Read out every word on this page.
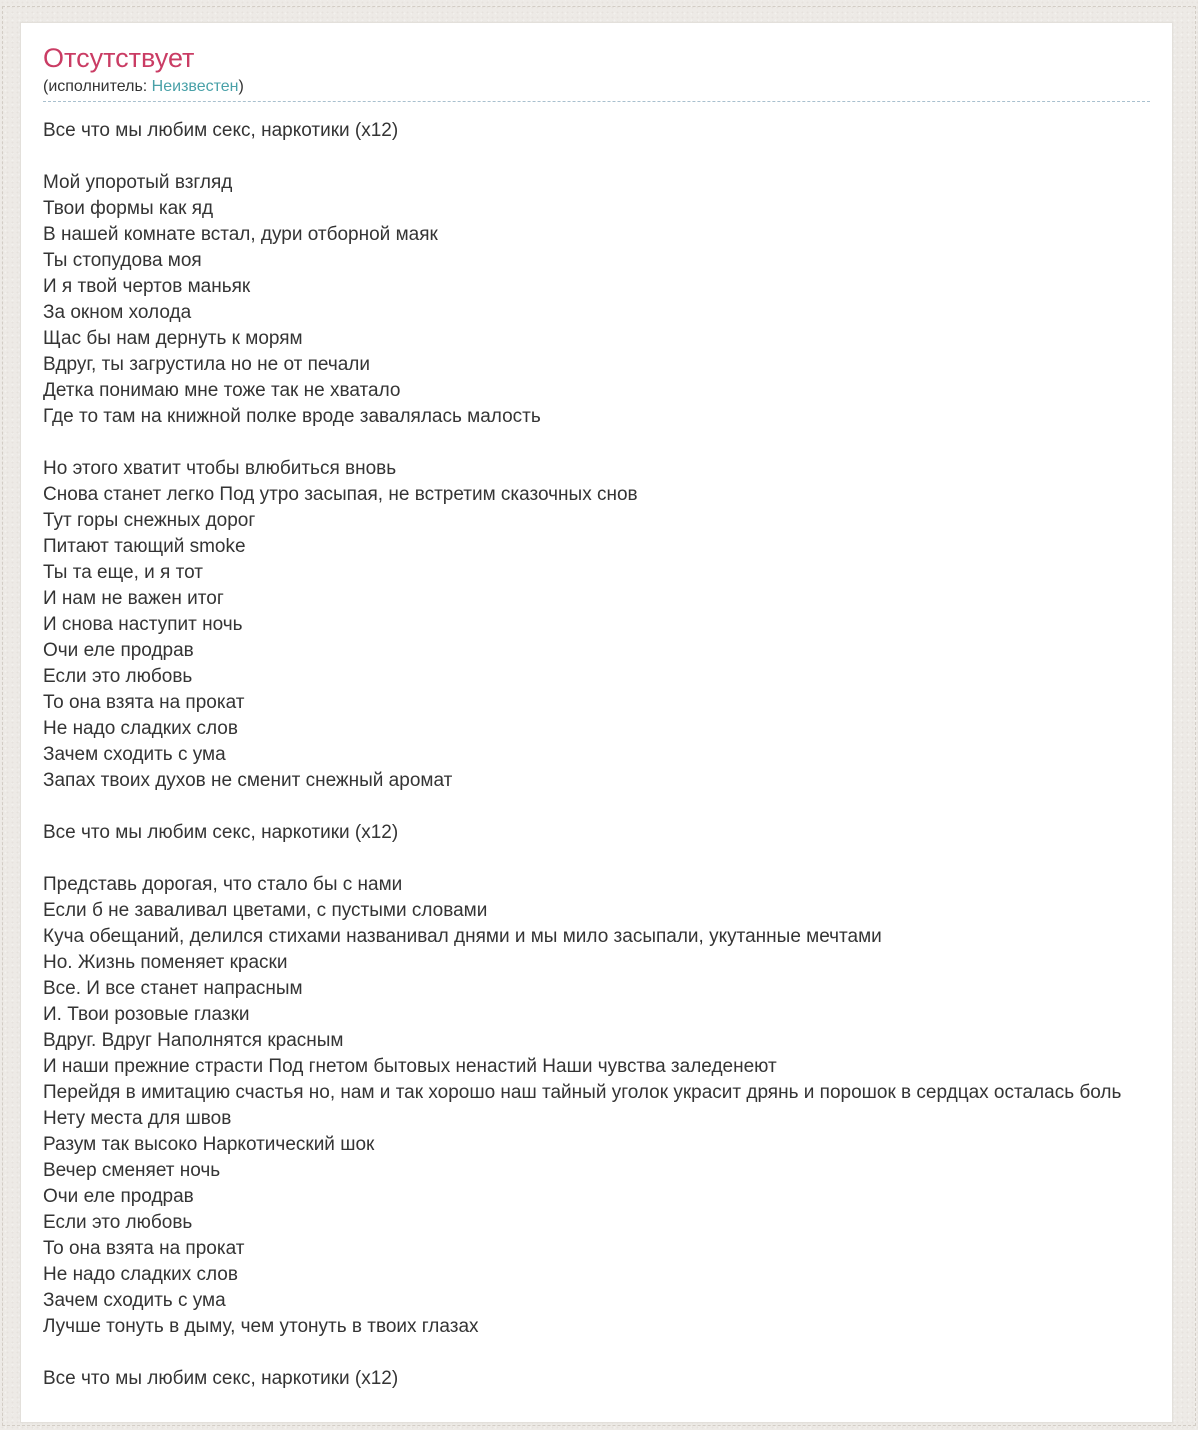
Отсутствует
(исполнитель: Неизвестен)
Все что мы любим секс, наркотики (х12)
Мой упоротый взгляд
Твои формы как яд
В нашей комнате встал, дури отборной маяк
Ты стопудова моя
И я твой чертов маньяк
За окном холода
Щас бы нам дернуть к морям
Вдруг, ты загрустила но не от печали
Детка понимаю мне тоже так не хватало
Где то там на книжной полке вроде завалялась малость
Но этого хватит чтобы влюбиться вновь
Снова станет легко Под утро засыпая, не встретим сказочных снов
Тут горы снежных дорог
Питают тающий smoke
Ты та еще, и я тот
И нам не важен итог
И снова наступит ночь
Очи еле продрав
Если это любовь
То она взята на прокат
Не надо сладких слов
Зачем сходить с ума
Запах твоих духов не сменит снежный аромат
Все что мы любим секс, наркотики (х12)
Представь дорогая, что стало бы с нами
Если б не заваливал цветами, с пустыми словами
Куча обещаний, делился стихами названивал днями и мы мило засыпали, укутанные мечтами
Но. Жизнь поменяет краски
Все. И все станет напрасным
И. Твои розовые глазки
Вдруг. Вдруг Наполнятся красным
И наши прежние страсти Под гнетом бытовых ненастий Наши чувства заледенеют
Перейдя в имитацию счастья но, нам и так хорошо наш тайный уголок украсит дрянь и порошок в сердцах осталась боль
Нету места для швов
Разум так высоко Наркотический шок
Вечер сменяет ночь
Очи еле продрав
Если это любовь
То она взята на прокат
Не надо сладких слов
Зачем сходить с ума
Лучше тонуть в дыму, чем утонуть в твоих глазах
Все что мы любим секс, наркотики (х12)
